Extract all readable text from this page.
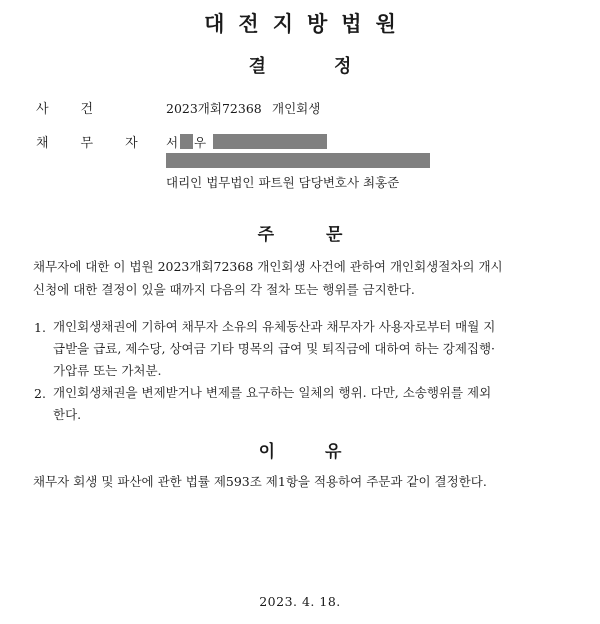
대전지방법원
결정
사건	2023개회72368 개인회생
채무자
서 우
대리인 법무법인 파트원 담당변호사 최홍준
주문
채무자에 대한 이 법원 2023개회72368 개인회생 사건에 관하여 개인회생절차의 개시
신청에 대한 결정이 있을 때까지 다음의 각 절차 또는 행위를 금지한다.
1. 개인회생채권에 기하여 채무자 소유의 유체동산과 채무자가 사용자로부터 매월 지
급받을 급료, 제수당, 상여금 기타 명목의 급여 및 퇴직금에 대하여 하는 강제집행·
가압류 또는 가처분.
2. 개인회생채권을 변제받거나 변제를 요구하는 일체의 행위. 다만, 소송행위를 제외
한다.
이유
채무자 회생 및 파산에 관한 법률 제593조 제1항을 적용하여 주문과 같이 결정한다.
2023. 4. 18.
